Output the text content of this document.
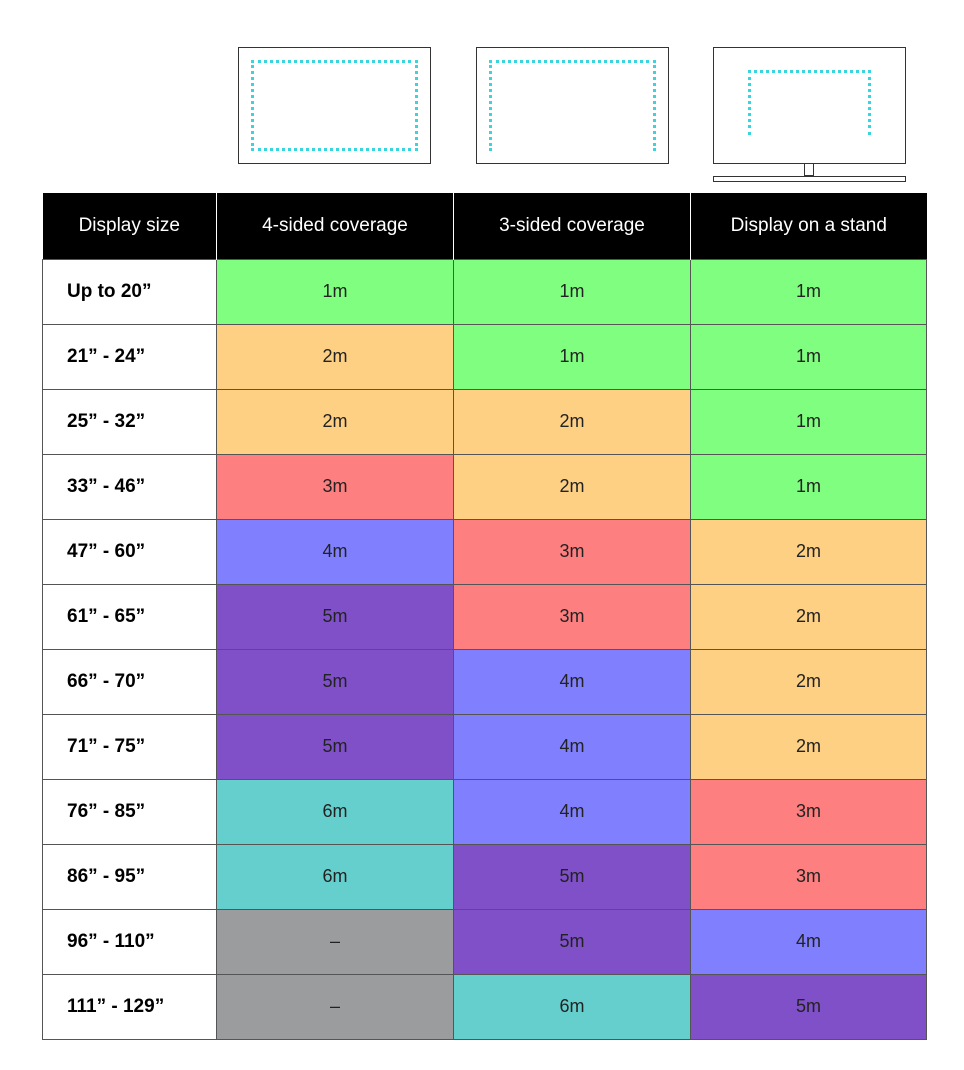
Display size	4-sided coverage	3-sided coverage	Display on a stand
Up to 20”	1m	1m	1m
21” - 24”	2m	1m	1m
25” - 32”	2m	2m	1m
33” - 46”	3m	2m	1m
47” - 60”	4m	3m	2m
61” - 65”	5m	3m	2m
66” - 70”	5m	4m	2m
71” - 75”	5m	4m	2m
76” - 85”	6m	4m	3m
86” - 95”	6m	5m	3m
96” - 110”	–	5m	4m
111” - 129”	–	6m	5m
